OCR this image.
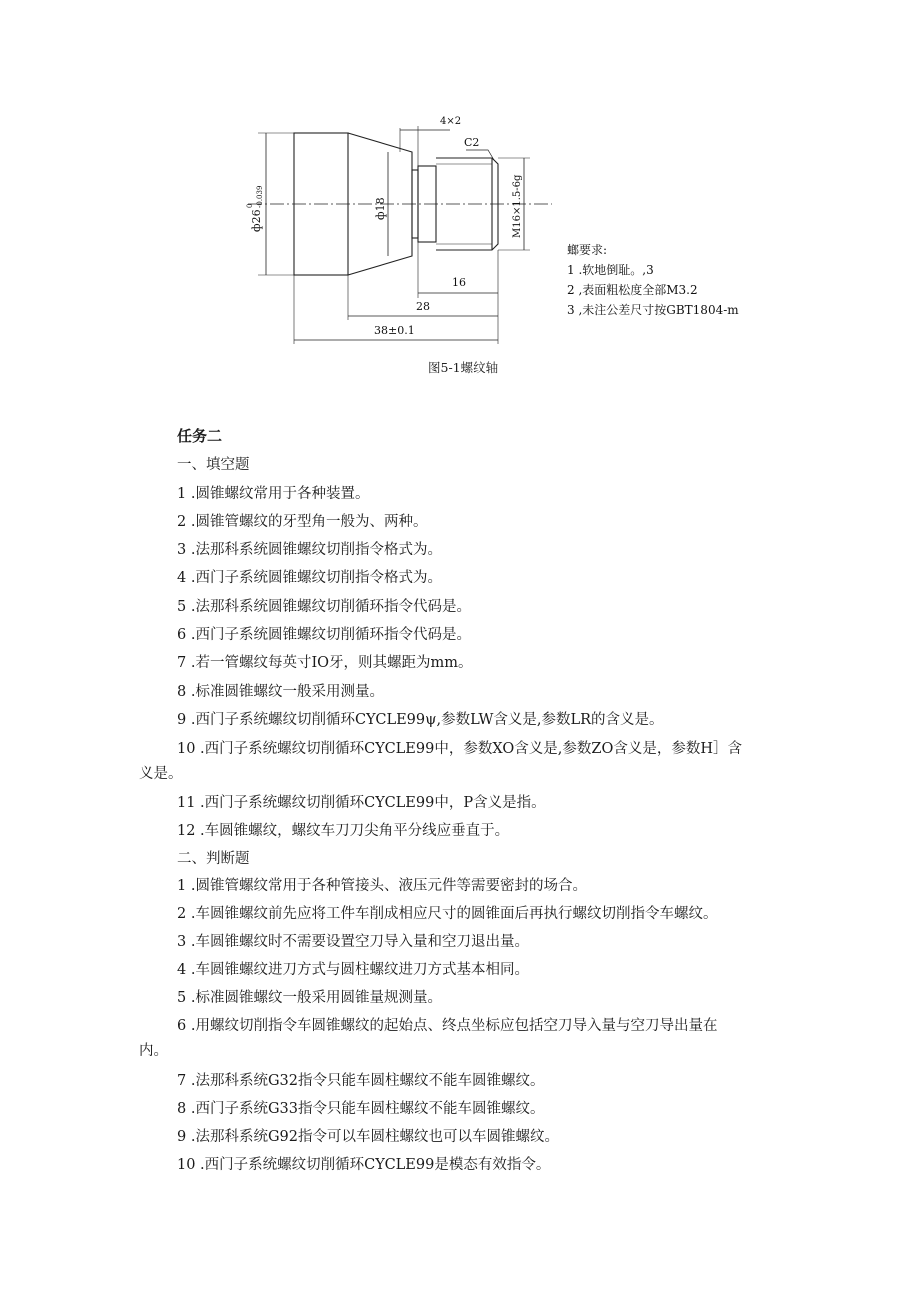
4×2
C2
16
28
38±0.1
ф26
0 -0.039
ф18	M16×1.5-6g
螂要求:
1 .软地倒耻。,3
2 ,表面粗松度全部M3.2
3 ,未注公差尺寸按GBT1804-m
图5-1螺纹轴
任务二
一、填空题
1 .圆锥螺纹常用于各种装置。
2 .圆锥管螺纹的牙型角一般为、两种。
3 .法那科系统圆锥螺纹切削指令格式为。
4 .西门子系统圆锥螺纹切削指令格式为。
5 .法那科系统圆锥螺纹切削循环指令代码是。
6 .西门子系统圆锥螺纹切削循环指令代码是。
7 .若一管螺纹每英寸IO牙，则其螺距为mm。
8 .标准圆锥螺纹一般采用测量。
9 .西门子系统螺纹切削循环CYCLE99ψ,参数LW含义是,参数LR的含义是。
10 .西门子系统螺纹切削循环CYCLE99中，参数XO含义是,参数ZO含义是，参数H］含
义是。
11 .西门子系统螺纹切削循环CYCLE99中，P含义是指。
12 .车圆锥螺纹，螺纹车刀刀尖角平分线应垂直于。
二、判断题
1 .圆锥管螺纹常用于各种管接头、液压元件等需要密封的场合。
2 .车圆锥螺纹前先应将工件车削成相应尺寸的圆锥面后再执行螺纹切削指令车螺纹。
3 .车圆锥螺纹时不需要设置空刀导入量和空刀退出量。
4 .车圆锥螺纹进刀方式与圆柱螺纹进刀方式基本相同。
5 .标准圆锥螺纹一般采用圆锥量规测量。
6 .用螺纹切削指令车圆锥螺纹的起始点、终点坐标应包括空刀导入量与空刀导出量在
内。
7 .法那科系统G32指令只能车圆柱螺纹不能车圆锥螺纹。
8 .西门子系统G33指令只能车圆柱螺纹不能车圆锥螺纹。
9 .法那科系统G92指令可以车圆柱螺纹也可以车圆锥螺纹。
10 .西门子系统螺纹切削循环CYCLE99是模态有效指令。
